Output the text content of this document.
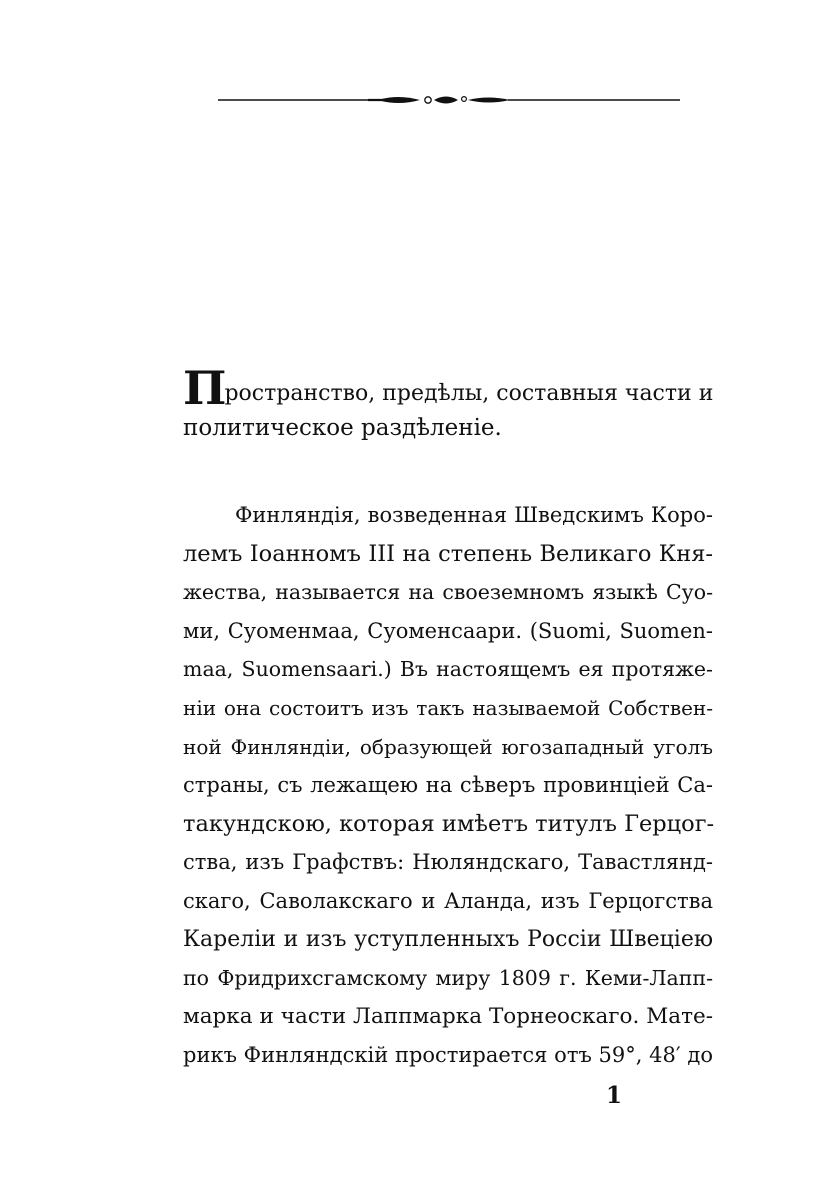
Пространство, предѣлы, составныя части и
политическое раздѣленіе.
Финляндія, возведенная Шведскимъ Коро-
лемъ Іоанномъ III на степень Великаго Кня-
жества, называется на своеземномъ языкѣ Суо-
ми, Суоменмаа, Суоменсаари. (Suomi, Suomen-
maa, Suomensaari.) Въ настоящемъ ея протяже-
ніи она состоитъ изъ такъ называемой Собствен-
ной Финляндіи, образующей югозападный уголъ
страны, съ лежащею на сѣверъ провинціей Са-
такундскою, которая имѣетъ титулъ Герцог-
ства, изъ Графствъ: Нюляндскаго, Тавастлянд-
скаго, Саволакскаго и Аланда, изъ Герцогства
Кареліи и изъ уступленныхъ Россіи Швеціею
по Фридрихсгамскому миру 1809 г. Кеми-Лапп-
марка и части Лаппмарка Торнеоскаго. Мате-
рикъ Финляндскій простирается отъ 59°, 48′ до
1
